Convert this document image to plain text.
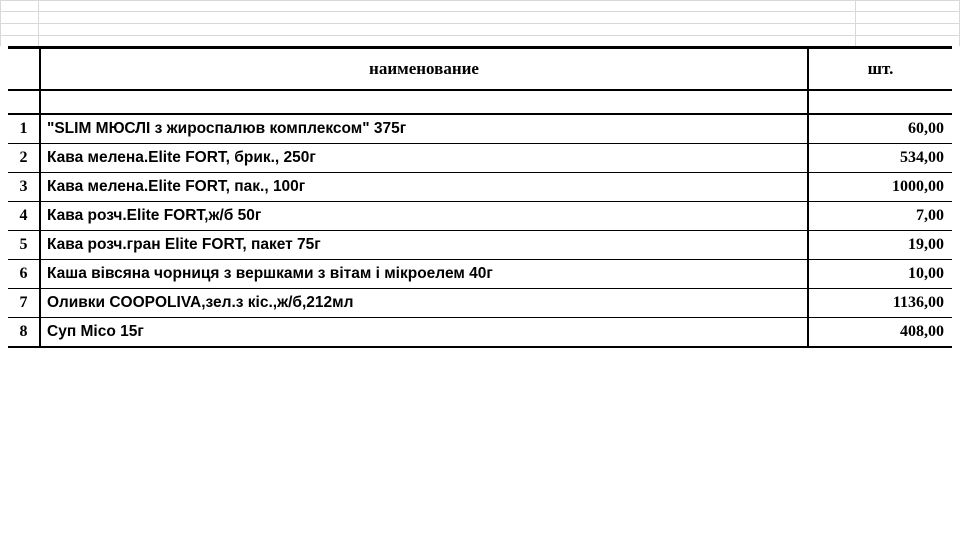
	наименование	шт.

1	"SLIM МЮСЛІ з жироспалюв комплексом" 375г	60,00
2	Кава мелена.Elite FORT, брик., 250г	534,00
3	Кава мелена.Elite FORT, пак., 100г	1000,00
4	Кава розч.Elite FORT,ж/б 50г	7,00
5	Кава розч.гран Elite FORT, пакет 75г	19,00
6	Каша вівсяна чорниця з вершками з вітам і мікроелем 40г	10,00
7	Оливки COOPOLIVA,зел.з кіс.,ж/б,212мл	1136,00
8	Суп Mico 15г	408,00
